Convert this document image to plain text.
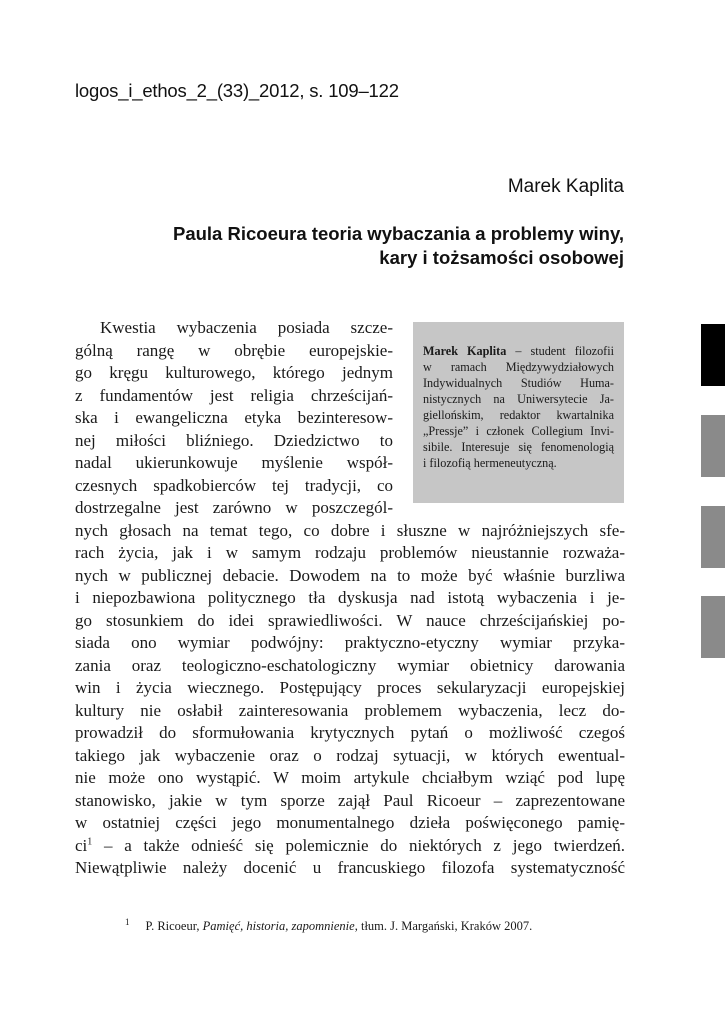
logos_i_ethos_2_(33)_2012, s. 109–122

Marek Kaplita

Paula Ricoeura teoria wybaczania a problemy winy,
kary i tożsamości osobowej
Marek Kaplita – student filozofii
w ramach Międzywydziałowych
Indywidualnych Studiów Huma-
nistycznych na Uniwersytecie Ja-
giellońskim, redaktor kwartalnika
„Pressje” i członek Collegium Invi-
sibile. Interesuje się fenomenologią
i filozofią hermeneutyczną.
Kwestia wybaczenia posiada szcze-
gólną rangę w obrębie europejskie-
go kręgu kulturowego, którego jednym
z fundamentów jest religia chrześcijań-
ska i ewangeliczna etyka bezinteresow-
nej miłości bliźniego. Dziedzictwo to
nadal ukierunkowuje myślenie współ-
czesnych spadkobierców tej tradycji, co
dostrzegalne jest zarówno w poszczegól-
nych głosach na temat tego, co dobre i słuszne w najróżniejszych sfe-
rach życia, jak i w samym rodzaju problemów nieustannie rozważa-
nych w publicznej debacie. Dowodem na to może być właśnie burzliwa
i niepozbawiona politycznego tła dyskusja nad istotą wybaczenia i je-
go stosunkiem do idei sprawiedliwości. W nauce chrześcijańskiej po-
siada ono wymiar podwójny: praktyczno-etyczny wymiar przyka-
zania oraz teologiczno-eschatologiczny wymiar obietnicy darowania
win i życia wiecznego. Postępujący proces sekularyzacji europejskiej
kultury nie osłabił zainteresowania problemem wybaczenia, lecz do-
prowadził do sformułowania krytycznych pytań o możliwość czegoś
takiego jak wybaczenie oraz o rodzaj sytuacji, w których ewentual-
nie może ono wystąpić. W moim artykule chciałbym wziąć pod lupę
stanowisko, jakie w tym sporze zajął Paul Ricoeur – zaprezentowane
w ostatniej części jego monumentalnego dzieła poświęconego pamię-
$ci^1$ – a także odnieść się polemicznie do niektórych z jego twierdzeń.
Niewątpliwie należy docenić u francuskiego filozofa systematyczność

$^1$ P. Ricoeur, Pamięć, historia, zapomnienie, tłum. J. Margański, Kraków 2007.
